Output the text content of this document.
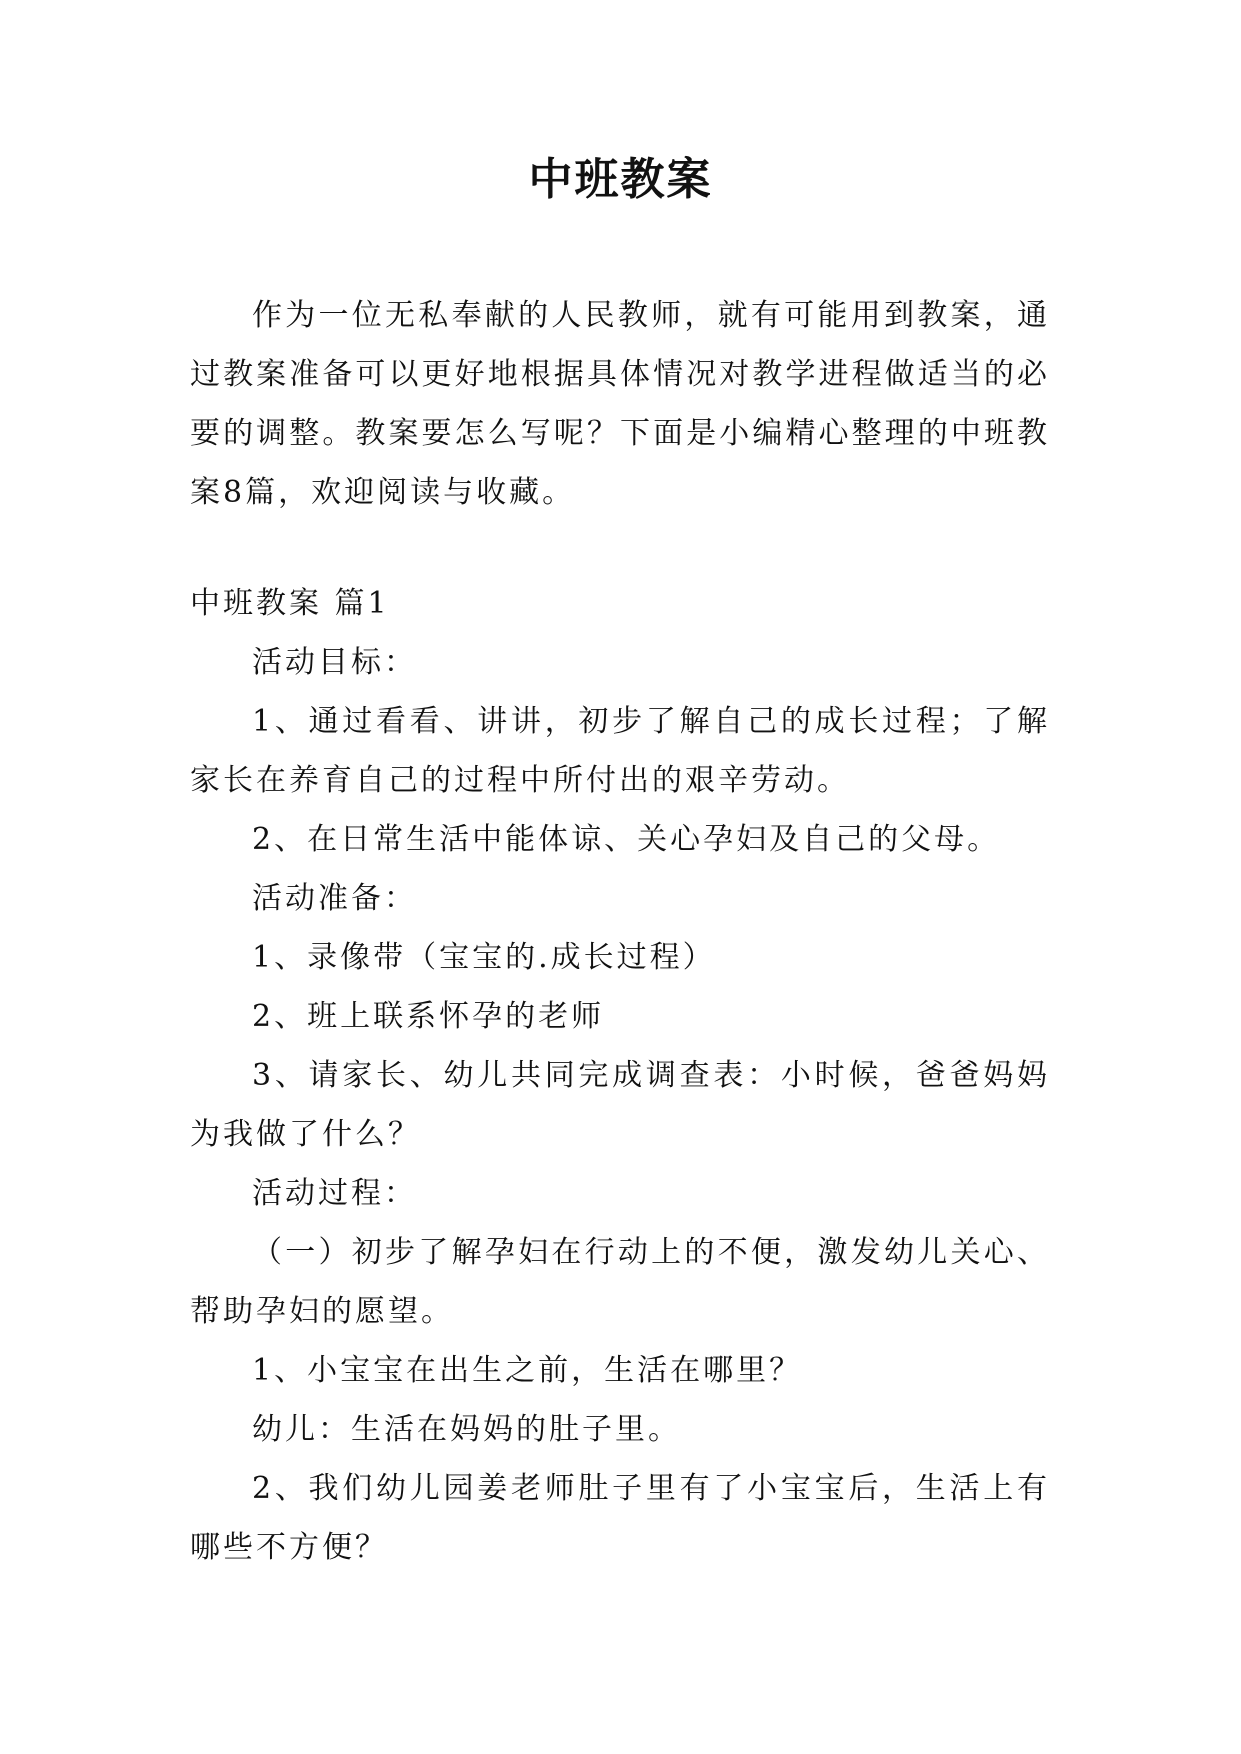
中班教案

作为一位无私奉献的人民教师，就有可能用到教案，通过教案准备可以更好地根据具体情况对教学进程做适当的必要的调整。教案要怎么写呢？下面是小编精心整理的中班教案8篇，欢迎阅读与收藏。

中班教案 篇1

活动目标：
1、通过看看、讲讲，初步了解自己的成长过程；了解家长在养育自己的过程中所付出的艰辛劳动。
2、在日常生活中能体谅、关心孕妇及自己的父母。
活动准备：
1、录像带（宝宝的.成长过程）
2、班上联系怀孕的老师
3、请家长、幼儿共同完成调查表：小时候，爸爸妈妈为我做了什么？
活动过程：
（一）初步了解孕妇在行动上的不便，激发幼儿关心、帮助孕妇的愿望。
1、小宝宝在出生之前，生活在哪里？
幼儿：生活在妈妈的肚子里。
2、我们幼儿园姜老师肚子里有了小宝宝后，生活上有哪些不方便？
